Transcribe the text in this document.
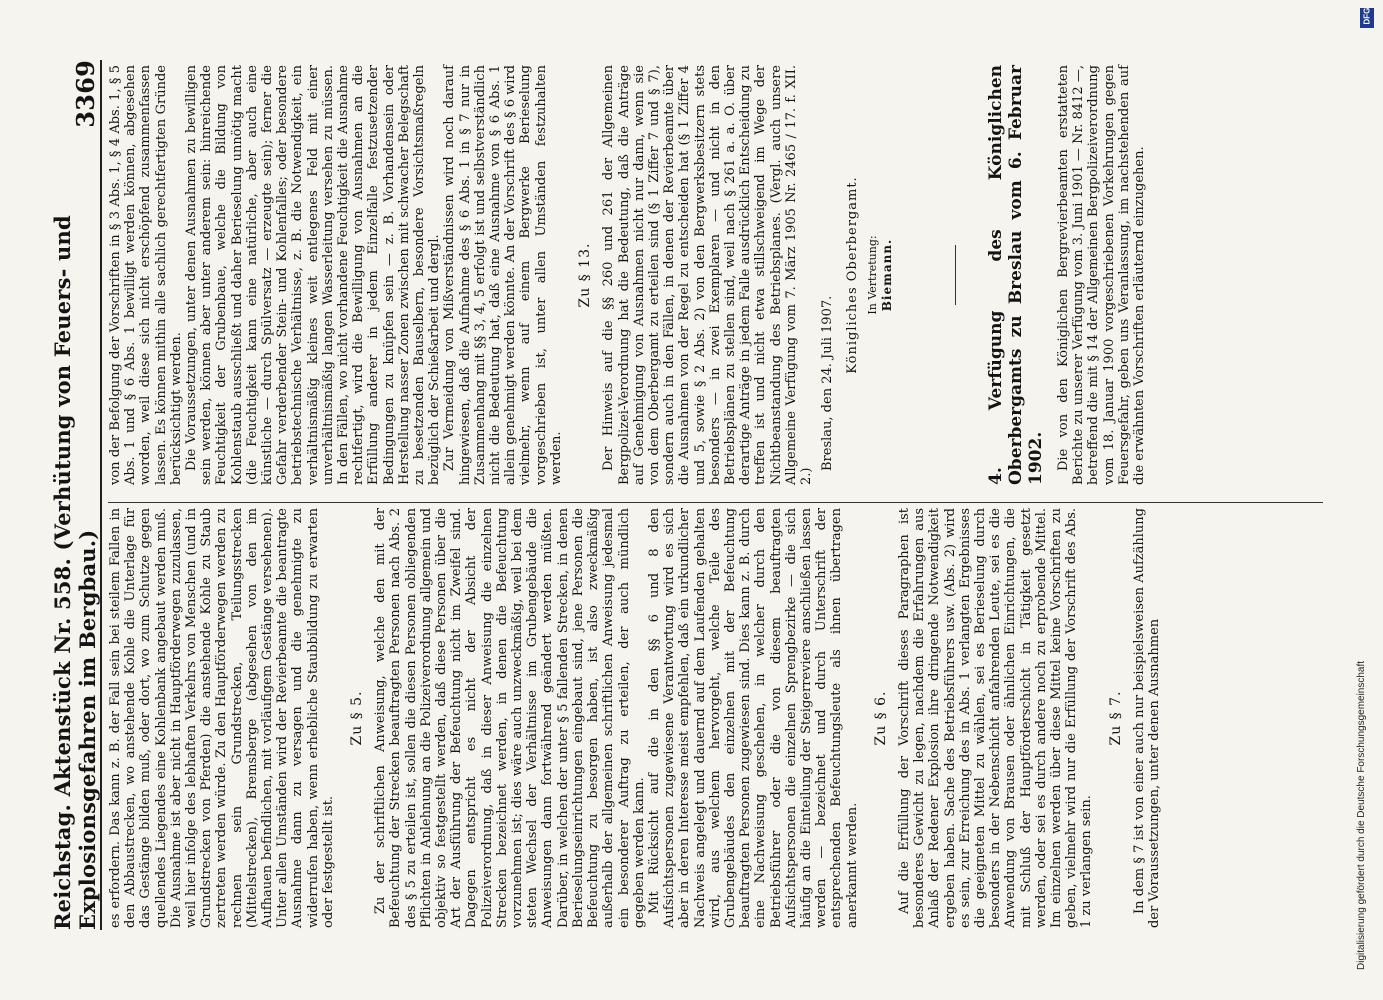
Reichstag. Aktenstück Nr. 558. (Verhütung von Feuers- und Explosionsgefahren im Bergbau.)
3369

es erfordern. Das kann z. B. der Fall sein bei steilem Fallen in den Abbaustrecken, wo anstehende Kohle die Unterlage für das Gestänge bilden muß, oder dort, wo zum Schutze gegen quellendes Liegendes eine Kohlenbank angebaut werden muß. Die Ausnahme ist aber nicht in Hauptförderwegen zuzulassen, weil hier infolge des lebhaften Verkehrs von Menschen (und in Grundstrecken von Pferden) die anstehende Kohle zu Staub zertreten werden würde. Zu den Hauptförderwegen werden zu rechnen sein Grundstrecken, Teilungsstrecken (Mittelstrecken), Bremsberge (abgesehen von den im Aufhauen befindlichen, mit vorläufigem Gestänge versehenen). Unter allen Umständen wird der Revierbeamte die beantragte Ausnahme dann zu versagen und die genehmigte zu widerrufen haben, wenn erhebliche Staubbildung zu erwarten oder festgestellt ist.

Zu § 5. Zu der schriftlichen Anweisung, welche den mit der Befeuchtung der Strecken beauftragten Personen nach Abs. 2 des § 5 zu erteilen ist, sollen die diesen Personen obliegenden Pflichten in Anlehnung an die Polizeiverordnung allgemein und objektiv so festgestellt werden, daß diese Personen über die Art der Ausführung der Befeuchtung nicht im Zweifel sind. Dagegen entspricht es nicht der Absicht der Polizeiverordnung, daß in dieser Anweisung die einzelnen Strecken bezeichnet werden, in denen die Befeuchtung vorzunehmen ist; dies wäre auch unzweckmäßig, weil bei dem steten Wechsel der Verhältnisse im Grubengebäude die Anweisungen dann fortwährend geändert werden müßten. Darüber, in welchen der unter § 5 fallenden Strecken, in denen Berieselungseinrichtungen eingebaut sind, jene Personen die Befeuchtung zu besorgen haben, ist also zweckmäßig außerhalb der allgemeinen schriftlichen Anweisung jedesmal ein besonderer Auftrag zu erteilen, der auch mündlich gegeben werden kann. Mit Rücksicht auf die in den §§ 6 und 8 den Aufsichtspersonen zugewiesene Verantwortung wird es sich aber in deren Interesse meist empfehlen, daß ein urkundlicher Nachweis angelegt und dauernd auf dem Laufenden gehalten wird, aus welchem hervorgeht, welche Teile des Grubengebäudes den einzelnen mit der Befeuchtung beauftragten Personen zugewiesen sind. Dies kann z. B. durch eine Nachweisung geschehen, in welcher durch den Betriebsführer oder die von diesem beauftragten Aufsichtspersonen die einzelnen Sprengbezirke — die sich häufig an die Einteilung der Steigerreviere anschließen lassen werden — bezeichnet und durch Unterschrift der entsprechenden Befeuchtungsleute als ihnen übertragen anerkannt werden.

Zu § 6. Auf die Erfüllung der Vorschrift dieses Paragraphen ist besonderes Gewicht zu legen, nachdem die Erfahrungen aus Anlaß der Redener Explosion ihre dringende Notwendigkeit ergeben haben. Sache des Betriebsführers usw. (Abs. 2) wird es sein, zur Erreichung des in Abs. 1 verlangten Ergebnisses die geeigneten Mittel zu wählen, sei es Berieselung durch besonders in der Nebenschicht anfahrenden Leute, sei es die Anwendung von Brausen oder ähnlichen Einrichtungen, die mit Schluß der Hauptförderschicht in Tätigkeit gesetzt werden, oder sei es durch andere noch zu erprobende Mittel. Im einzelnen werden über diese Mittel keine Vorschriften zu geben, vielmehr wird nur die Erfüllung der Vorschrift des Abs. 1 zu verlangen sein.

Zu § 7. In dem § 7 ist von einer auch nur beispielsweisen Aufzählung der Voraussetzungen, unter denen Ausnahmen

von der Befolgung der Vorschriften in § 3 Abs. 1, § 4 Abs. 1, § 5 Abs. 1 und § 6 Abs. 1 bewilligt werden können, abgesehen worden, weil diese sich nicht erschöpfend zusammenfassen lassen. Es können mithin alle sachlich gerechtfertigten Gründe berücksichtigt werden. Die Voraussetzungen, unter denen Ausnahmen zu bewilligen sein werden, können aber unter anderem sein: hinreichende Feuchtigkeit der Grubenbaue, welche die Bildung von Kohlenstaub ausschließt und daher Berieselung unnötig macht (die Feuchtigkeit kann eine natürliche, aber auch eine künstliche — durch Spülversatz — erzeugte sein); ferner die Gefahr verderbender Stein- und Kohlenfalles; oder besondere betriebstechnische Verhältnisse, z. B. die Notwendigkeit, ein verhältnismäßig kleines weit entlegenes Feld mit einer unverhältnismäßig langen Wasserleitung versehen zu müssen. In den Fällen, wo nicht vorhandene Feuchtigkeit die Ausnahme rechtfertigt, wird die Bewilligung von Ausnahmen an die Erfüllung anderer in jedem Einzelfalle festzusetzender Bedingungen zu knüpfen sein — z. B. Vorhandensein oder Herstellung nasser Zonen zwischen mit schwacher Belegschaft zu besetzenden Bauselbern, besondere Vorsichtsmaßregeln bezüglich der Schießarbeit und dergl. Zur Vermeidung von Mißverständnissen wird noch darauf hingewiesen, daß die Aufnahme des § 6 Abs. 1 in § 7 nur in Zusammenhang mit §§ 3, 4, 5 erfolgt ist und selbstverständlich nicht die Bedeutung hat, daß eine Ausnahme von § 6 Abs. 1 allein genehmigt werden könnte. An der Vorschrift des § 6 wird vielmehr, wenn auf einem Bergwerke Berieselung vorgeschrieben ist, unter allen Umständen festzuhalten werden.

Zu § 13. Der Hinweis auf die §§ 260 und 261 der Allgemeinen Bergpolizei-Verordnung hat die Bedeutung, daß die Anträge auf Genehmigung von Ausnahmen nicht nur dann, wenn sie von dem Oberbergamt zu erteilen sind (§ 1 Ziffer 7 und § 7), sondern auch in den Fällen, in denen der Revierbeamte über die Ausnahmen von der Regel zu entscheiden hat (§ 1 Ziffer 4 und 5, sowie § 2 Abs. 2) von den Bergwerksbesitzern stets besonders — in zwei Exemplaren — und nicht in den Betriebsplänen zu stellen sind, weil nach § 261 a. a. O. über derartige Anträge in jedem Falle ausdrücklich Entscheidung zu treffen ist und nicht etwa stillschweigend im Wege der Nichtbeanstandung des Betriebsplanes. (Vergl. auch unsere Allgemeine Verfügung vom 7. März 1905 Nr. 2465 / 17. f. XII. 2.)

Breslau, den 24. Juli 1907.

Königliches Oberbergamt. In Vertretung: Biemann.
4. Verfügung des Königlichen Oberbergamts zu Breslau vom 6. Februar 1902. Die von den Königlichen Bergrevierbeamten erstatteten Berichte zu unserer Verfügung vom 3. Juni 1901 — Nr. 8412 —, betreffend die mit § 14 der Allgemeinen Bergpolizeiverordnung vom 18. Januar 1900 vorgeschriebenen Vorkehrungen gegen Feuersgefahr, geben uns Veranlassung, im nachstehenden auf die erwähnten Vorschriften erläuternd einzugehen.

DFG
Digitalisierung gefördert durch die Deutsche Forschungsgemeinschaft
